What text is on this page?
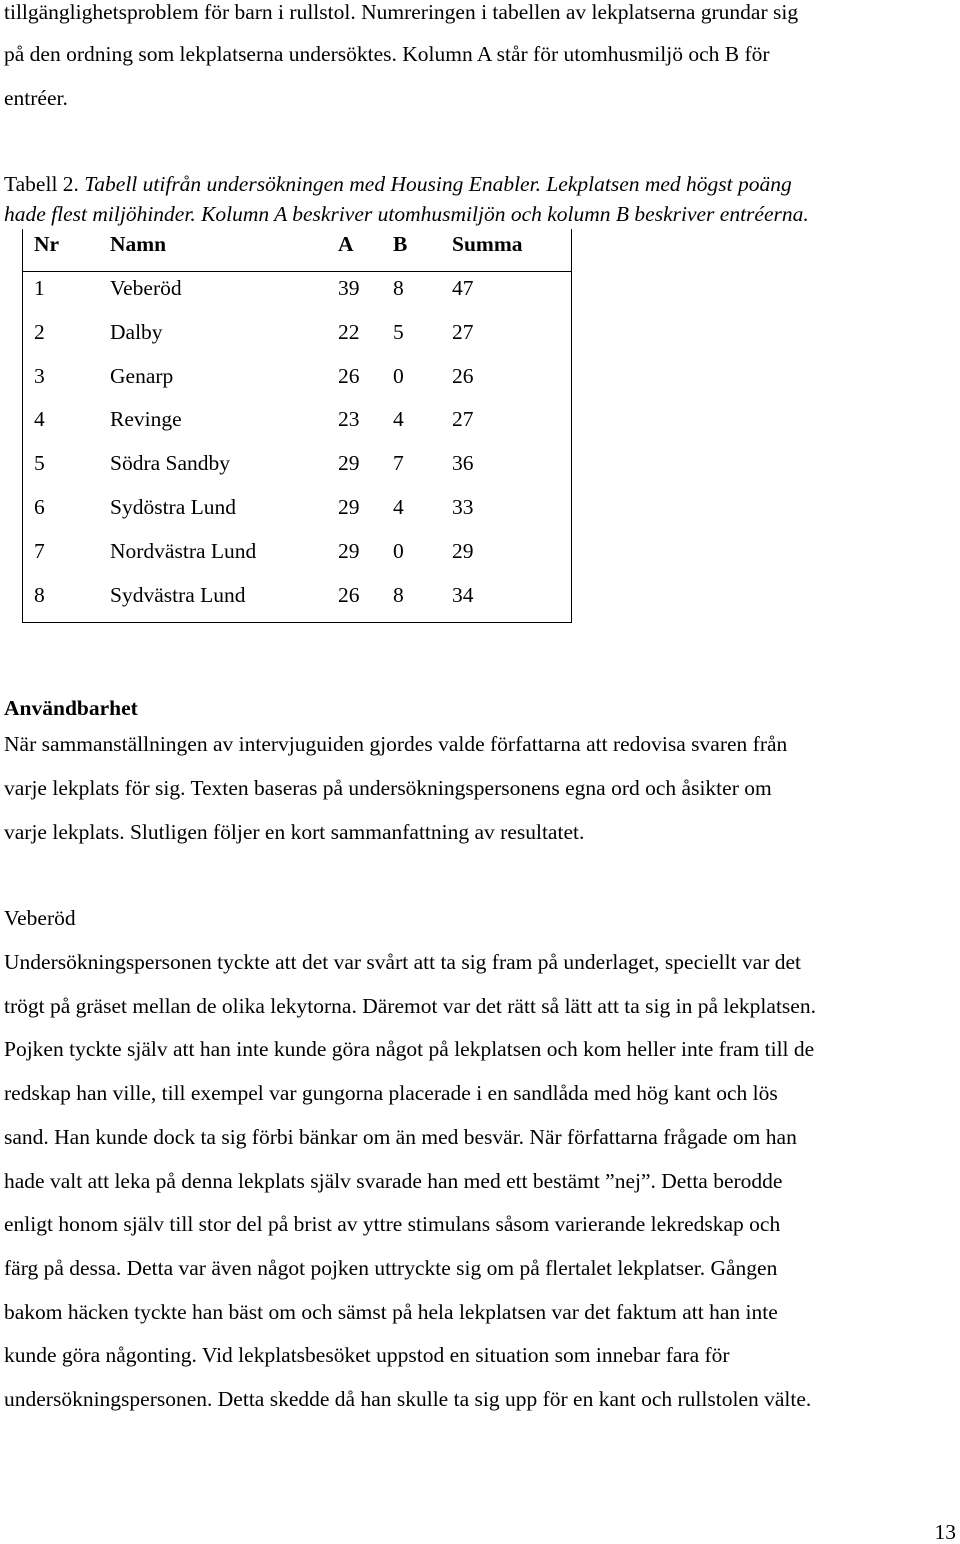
tillgänglighetsproblem för barn i rullstol. Numreringen i tabellen av lekplatserna grundar sig
på den ordning som lekplatserna undersöktes. Kolumn A står för utomhusmiljö och B för
entréer.
Tabell 2. Tabell utifrån undersökningen med Housing Enabler. Lekplatsen med högst poäng
hade flest miljöhinder. Kolumn A beskriver utomhusmiljön och kolumn B beskriver entréerna.
Nr Namn	A B Summa
1	Veberöd	39 8 47
2	Dalby	22 5 27
3	Genarp	26 0 26
4	Revinge	23 4 27
5	Södra Sandby	29 7 36
6	Sydöstra Lund	29 4 33
7	Nordvästra Lund	29 0 29
8	Sydvästra Lund	26 8 34
Användbarhet
När sammanställningen av intervjuguiden gjordes valde författarna att redovisa svaren från
varje lekplats för sig. Texten baseras på undersökningspersonens egna ord och åsikter om
varje lekplats. Slutligen följer en kort sammanfattning av resultatet.
Veberöd
Undersökningspersonen tyckte att det var svårt att ta sig fram på underlaget, speciellt var det
trögt på gräset mellan de olika lekytorna. Däremot var det rätt så lätt att ta sig in på lekplatsen.
Pojken tyckte själv att han inte kunde göra något på lekplatsen och kom heller inte fram till de
redskap han ville, till exempel var gungorna placerade i en sandlåda med hög kant och lös
sand. Han kunde dock ta sig förbi bänkar om än med besvär. När författarna frågade om han
hade valt att leka på denna lekplats själv svarade han med ett bestämt ”nej”. Detta berodde
enligt honom själv till stor del på brist av yttre stimulans såsom varierande lekredskap och
färg på dessa. Detta var även något pojken uttryckte sig om på flertalet lekplatser. Gången
bakom häcken tyckte han bäst om och sämst på hela lekplatsen var det faktum att han inte
kunde göra någonting. Vid lekplatsbesöket uppstod en situation som innebar fara för
undersökningspersonen. Detta skedde då han skulle ta sig upp för en kant och rullstolen välte.
13
